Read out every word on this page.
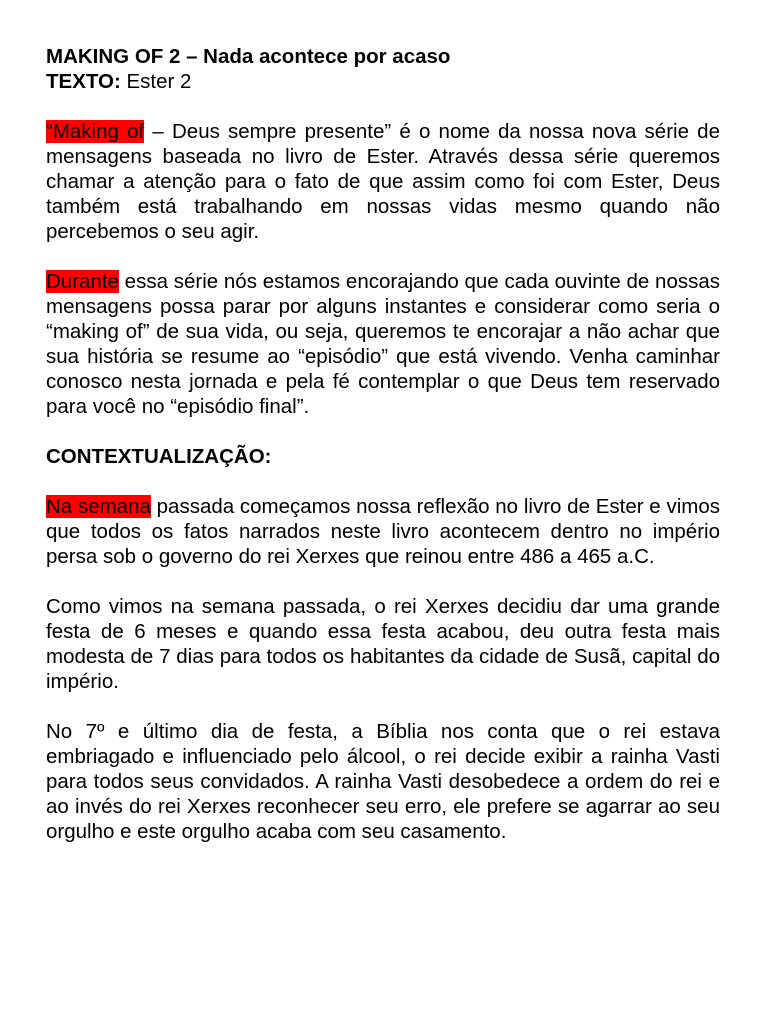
MAKING OF 2 – Nada acontece por acaso

TEXTO: Ester 2

“Making of – Deus sempre presente” é o nome da nossa nova série de mensagens baseada no livro de Ester. Através dessa série queremos chamar a atenção para o fato de que assim como foi com Ester, Deus também está trabalhando em nossas vidas mesmo quando não percebemos o seu agir.

Durante essa série nós estamos encorajando que cada ouvinte de nossas mensagens possa parar por alguns instantes e considerar como seria o “making of” de sua vida, ou seja, queremos te encorajar a não achar que sua história se resume ao “episódio” que está vivendo. Venha caminhar conosco nesta jornada e pela fé contemplar o que Deus tem reservado para você no “episódio final”.

CONTEXTUALIZAÇÃO:

Na semana passada começamos nossa reflexão no livro de Ester e vimos que todos os fatos narrados neste livro acontecem dentro no império persa sob o governo do rei Xerxes que reinou entre 486 a 465 a.C.

Como vimos na semana passada, o rei Xerxes decidiu dar uma grande festa de 6 meses e quando essa festa acabou, deu outra festa mais modesta de 7 dias para todos os habitantes da cidade de Susã, capital do império.

No 7º e último dia de festa, a Bíblia nos conta que o rei estava embriagado e influenciado pelo álcool, o rei decide exibir a rainha Vasti para todos seus convidados. A rainha Vasti desobedece a ordem do rei e ao invés do rei Xerxes reconhecer seu erro, ele prefere se agarrar ao seu orgulho e este orgulho acaba com seu casamento.
